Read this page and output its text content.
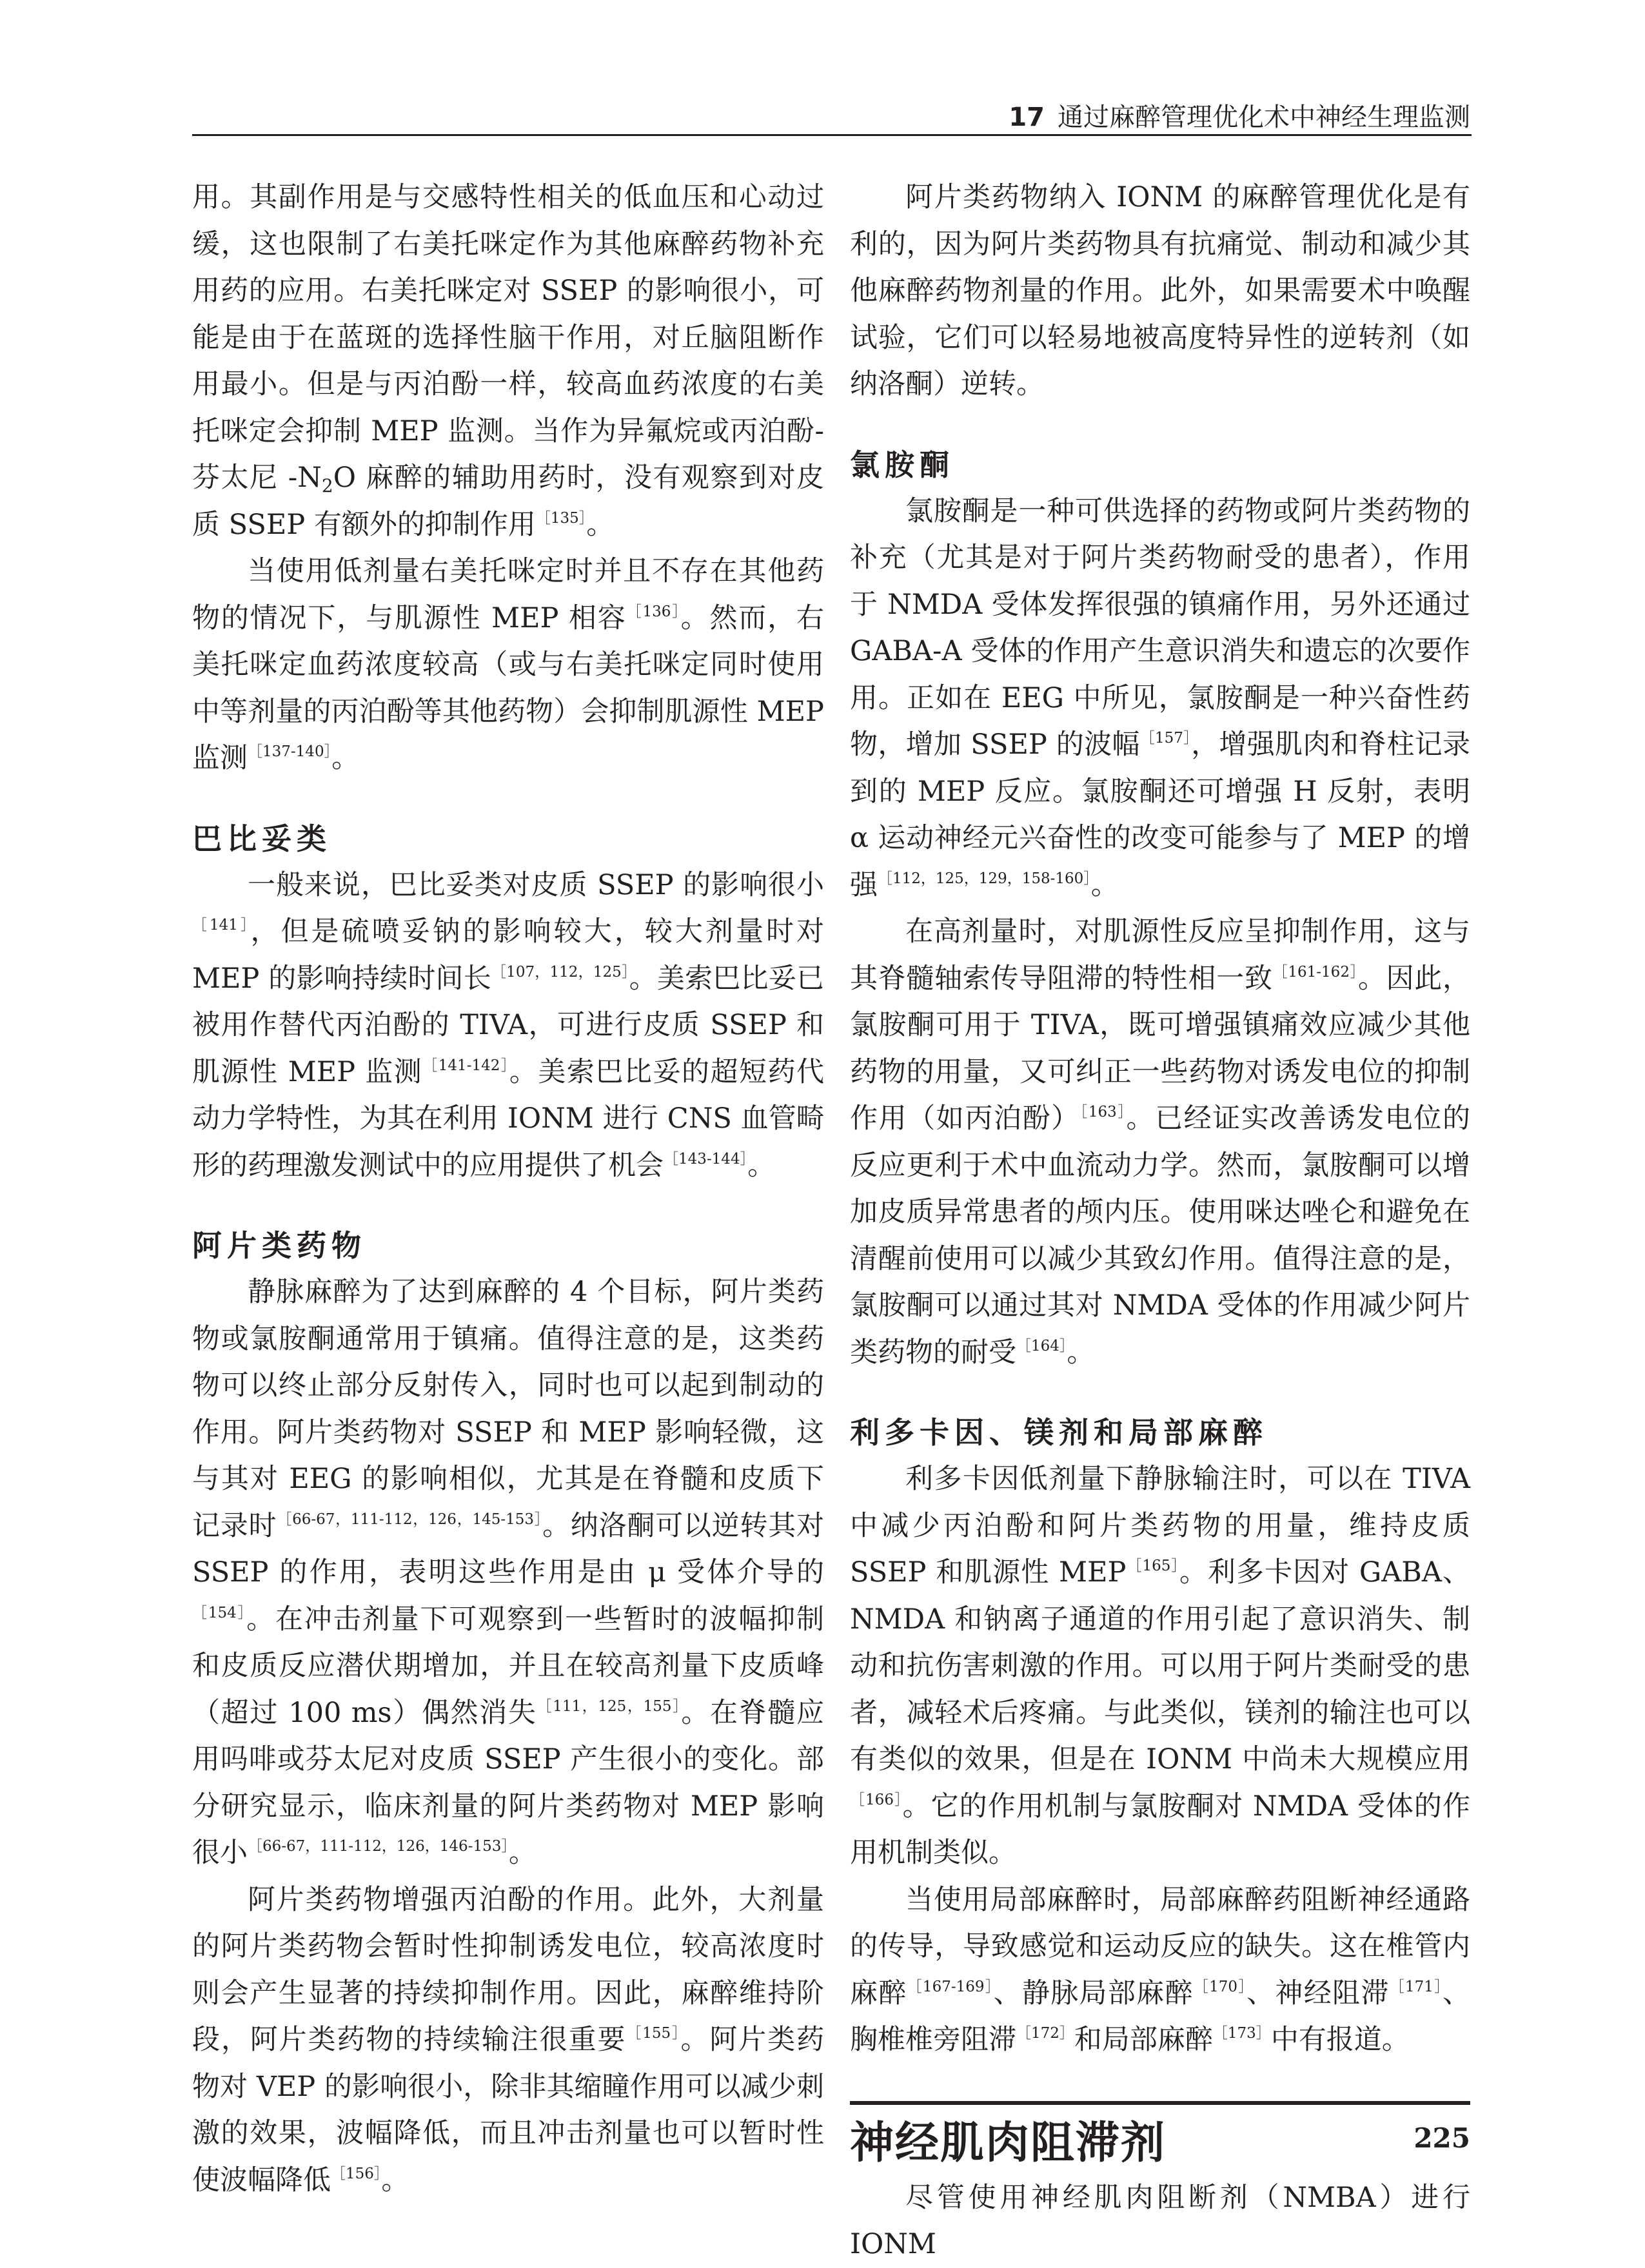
17 通过麻醉管理优化术中神经生理监测

用。其副作用是与交感特性相关的低血压和心动过缓，这也限制了右美托咪定作为其他麻醉药物补充用药的应用。右美托咪定对 SSEP 的影响很小，可能是由于在蓝斑的选择性脑干作用，对丘脑阻断作用最小。但是与丙泊酚一样，较高血药浓度的右美托咪定会抑制 MEP 监测。当作为异氟烷或丙泊酚-芬太尼 $-N_2O$ 麻醉的辅助用药时，没有观察到对皮质 SSEP 有额外的抑制作用$^{[135]}$。

当使用低剂量右美托咪定时并且不存在其他药物的情况下，与肌源性 MEP 相容$^{[136]}$。然而，右美托咪定血药浓度较高（或与右美托咪定同时使用中等剂量的丙泊酚等其他药物）会抑制肌源性 MEP 监测$^{[137-140]}$。

巴比妥类

一般来说，巴比妥类对皮质 SSEP 的影响很小$^{[141]}$，但是硫喷妥钠的影响较大，较大剂量时对 MEP 的影响持续时间长$^{[107,112,125]}$。美索巴比妥已被用作替代丙泊酚的 TIVA，可进行皮质 SSEP 和肌源性 MEP 监测$^{[141-142]}$。美索巴比妥的超短药代动力学特性，为其在利用 IONM 进行 CNS 血管畸形的药理激发测试中的应用提供了机会$^{[143-144]}$。

阿片类药物

静脉麻醉为了达到麻醉的 4 个目标，阿片类药物或氯胺酮通常用于镇痛。值得注意的是，这类药物可以终止部分反射传入，同时也可以起到制动的作用。阿片类药物对 SSEP 和 MEP 影响轻微，这与其对 EEG 的影响相似，尤其是在脊髓和皮质下记录时$^{[66-67,111-112,126,145-153]}$。纳洛酮可以逆转其对 SSEP 的作用，表明这些作用是由 μ 受体介导的$^{[154]}$。在冲击剂量下可观察到一些暂时的波幅抑制和皮质反应潜伏期增加，并且在较高剂量下皮质峰（超过 100 ms）偶然消失$^{[111,125,155]}$。在脊髓应用吗啡或芬太尼对皮质 SSEP 产生很小的变化。部分研究显示，临床剂量的阿片类药物对 MEP 影响很小$^{[66-67,111-112,126,146-153]}$。

阿片类药物增强丙泊酚的作用。此外，大剂量的阿片类药物会暂时性抑制诱发电位，较高浓度时则会产生显著的持续抑制作用。因此，麻醉维持阶段，阿片类药物的持续输注很重要$^{[155]}$。阿片类药物对 VEP 的影响很小，除非其缩瞳作用可以减少刺激的效果，波幅降低，而且冲击剂量也可以暂时性使波幅降低$^{[156]}$。

阿片类药物纳入 IONM 的麻醉管理优化是有利的，因为阿片类药物具有抗痛觉、制动和减少其他麻醉药物剂量的作用。此外，如果需要术中唤醒试验，它们可以轻易地被高度特异性的逆转剂（如纳洛酮）逆转。

氯胺酮

氯胺酮是一种可供选择的药物或阿片类药物的补充（尤其是对于阿片类药物耐受的患者），作用于 NMDA 受体发挥很强的镇痛作用，另外还通过 GABA-A 受体的作用产生意识消失和遗忘的次要作用。正如在 EEG 中所见，氯胺酮是一种兴奋性药物，增加 SSEP 的波幅$^{[157]}$，增强肌肉和脊柱记录到的 MEP 反应。氯胺酮还可增强 H 反射，表明 α 运动神经元兴奋性的改变可能参与了 MEP 的增强$^{[112,125,129,158-160]}$。

在高剂量时，对肌源性反应呈抑制作用，这与其脊髓轴索传导阻滞的特性相一致$^{[161-162]}$。因此，氯胺酮可用于 TIVA，既可增强镇痛效应减少其他药物的用量，又可纠正一些药物对诱发电位的抑制作用（如丙泊酚）$^{[163]}$。已经证实改善诱发电位的反应更利于术中血流动力学。然而，氯胺酮可以增加皮质异常患者的颅内压。使用咪达唑仑和避免在清醒前使用可以减少其致幻作用。值得注意的是，氯胺酮可以通过其对 NMDA 受体的作用减少阿片类药物的耐受$^{[164]}$。

利多卡因、镁剂和局部麻醉

利多卡因低剂量下静脉输注时，可以在 TIVA 中减少丙泊酚和阿片类药物的用量，维持皮质 SSEP 和肌源性 MEP$^{[165]}$。利多卡因对 GABA、NMDA 和钠离子通道的作用引起了意识消失、制动和抗伤害刺激的作用。可以用于阿片类耐受的患者，减轻术后疼痛。与此类似，镁剂的输注也可以有类似的效果，但是在 IONM 中尚未大规模应用$^{[166]}$。它的作用机制与氯胺酮对 NMDA 受体的作用机制类似。

当使用局部麻醉时，局部麻醉药阻断神经通路的传导，导致感觉和运动反应的缺失。这在椎管内麻醉$^{[167-169]}$、静脉局部麻醉$^{[170]}$、神经阻滞$^{[171]}$、胸椎椎旁阻滞$^{[172]}$和局部麻醉$^{[173]}$中有报道。

神经肌肉阻滞剂

尽管使用神经肌肉阻断剂（NMBA）进行 IONM

225
